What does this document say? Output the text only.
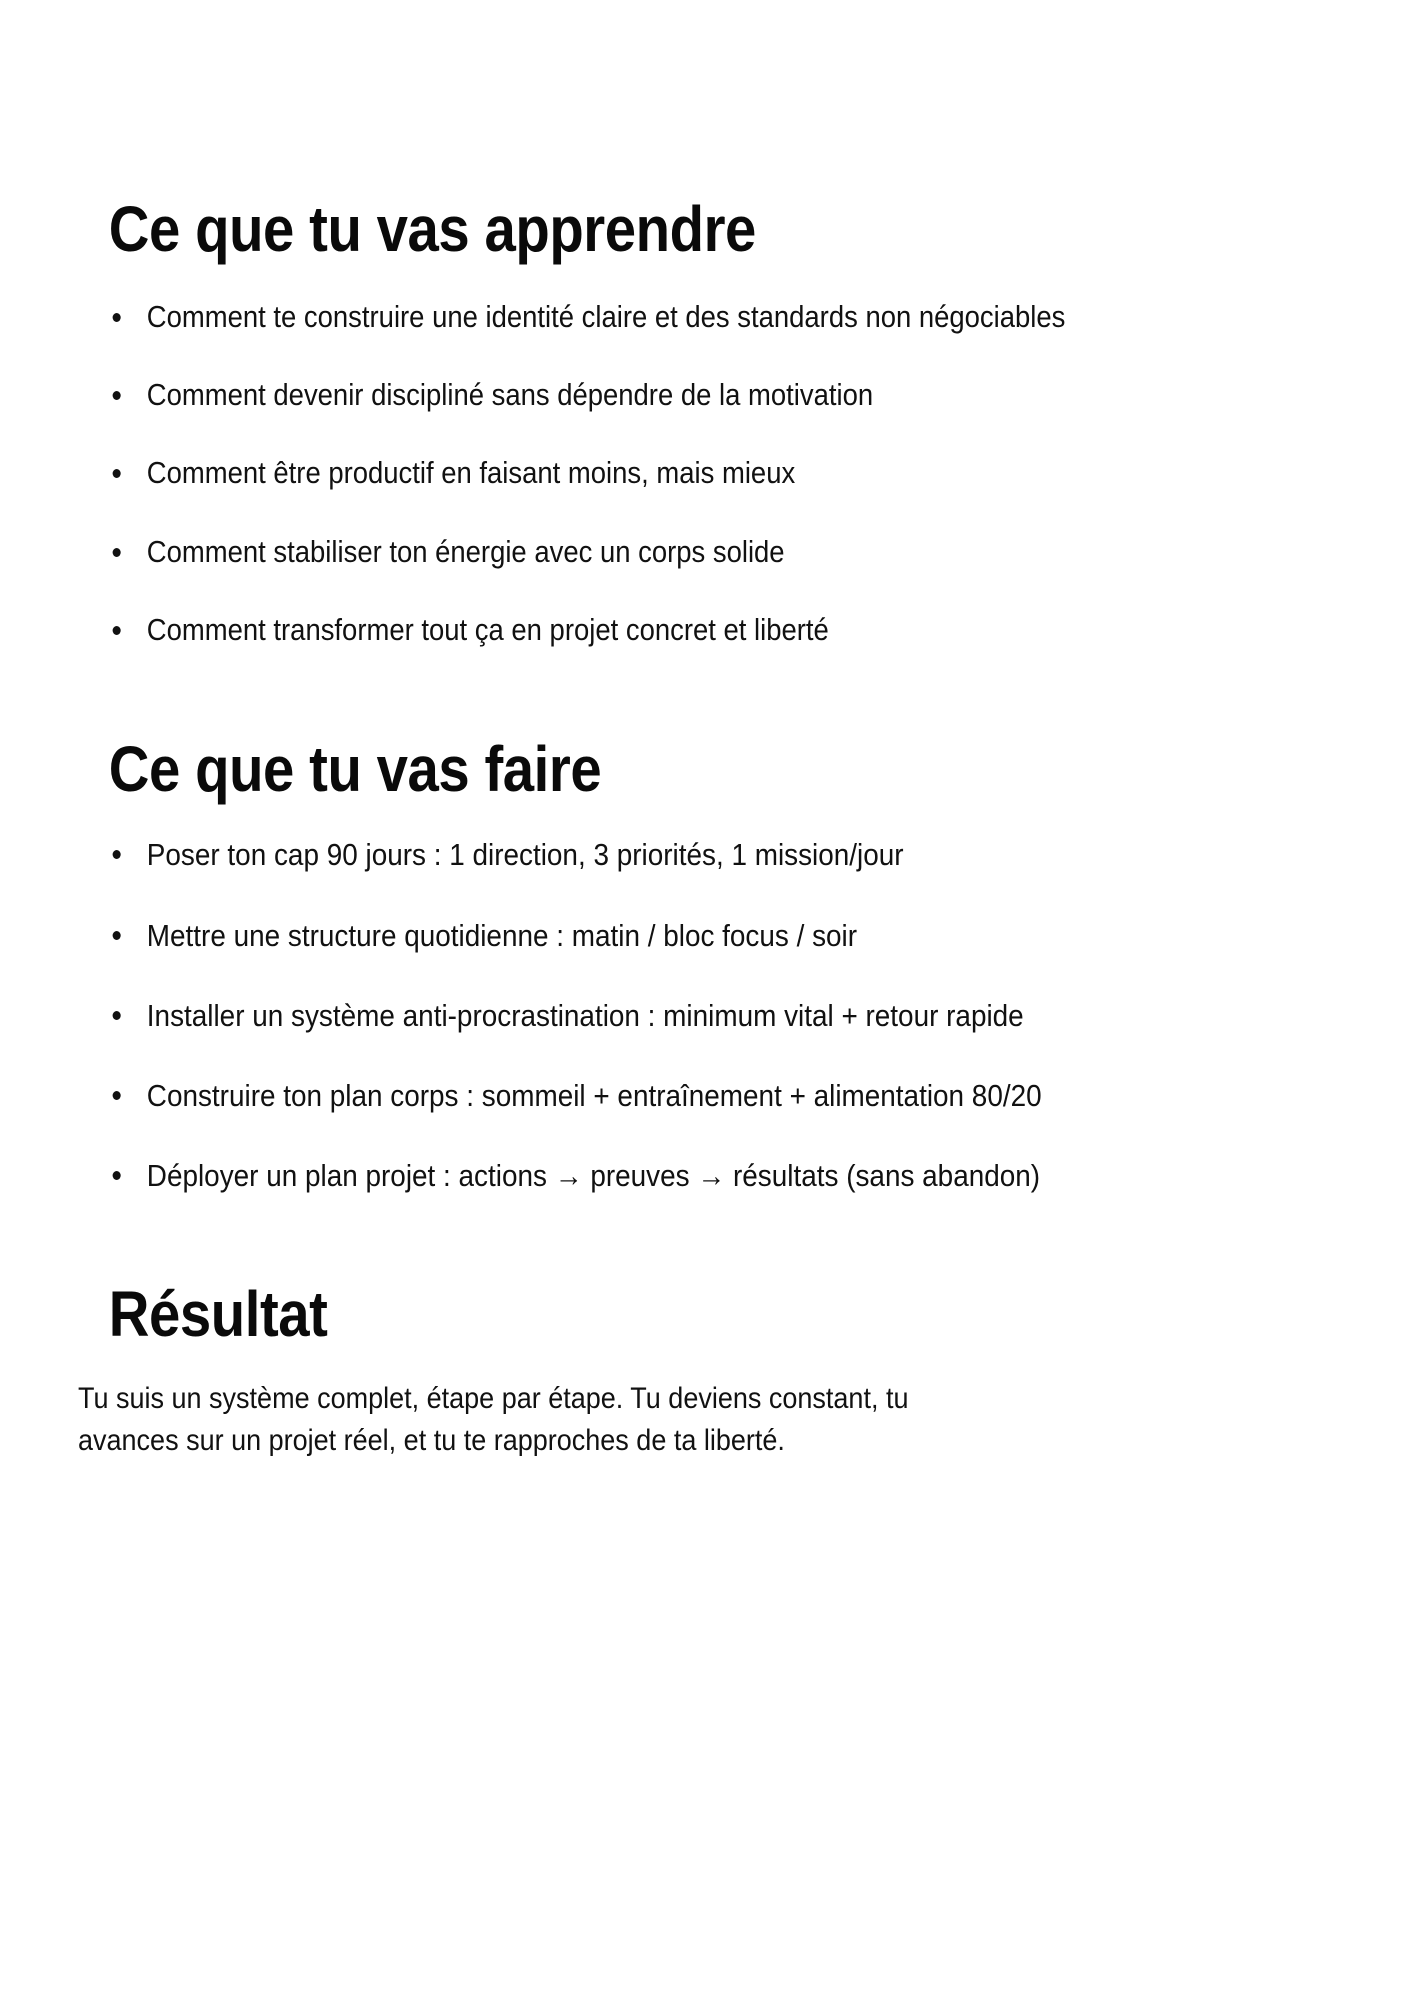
Ce que tu vas apprendre
Comment te construire une identité claire et des standards non négociables
Comment devenir discipliné sans dépendre de la motivation
Comment être productif en faisant moins, mais mieux
Comment stabiliser ton énergie avec un corps solide
Comment transformer tout ça en projet concret et liberté
Ce que tu vas faire
Poser ton cap 90 jours : 1 direction, 3 priorités, 1 mission/jour
Mettre une structure quotidienne : matin / bloc focus / soir
Installer un système anti-procrastination : minimum vital + retour rapide
Construire ton plan corps : sommeil + entraînement + alimentation 80/20
Déployer un plan projet : actions → preuves → résultats (sans abandon)
Résultat

Tu suis un système complet, étape par étape. Tu deviens constant, tu avances sur un projet réel, et tu te rapproches de ta liberté.
